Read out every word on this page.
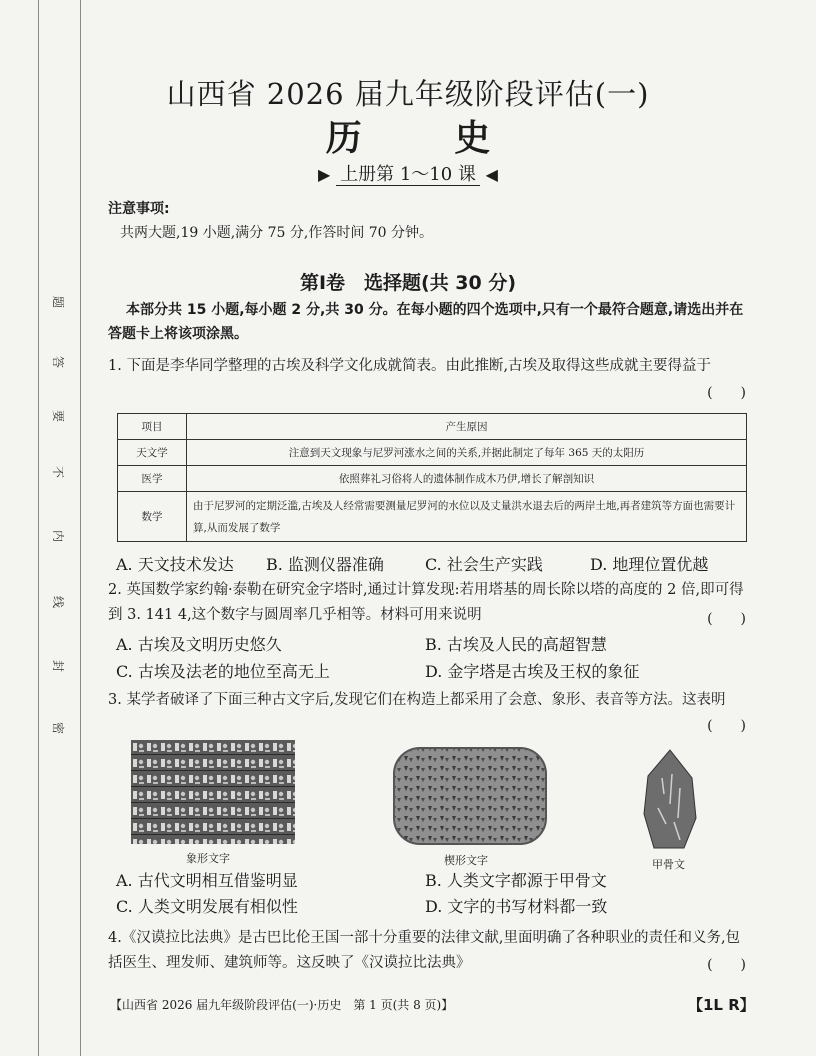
题
答
要
不
内
线
封
密
山西省 2026 届九年级阶段评估(一)
历 史
▶ 上册第 1～10 课 ◀
注意事项:
共两大题,19 小题,满分 75 分,作答时间 70 分钟。
第Ⅰ卷　选择题(共 30 分)
本部分共 15 小题,每小题 2 分,共 30 分。在每小题的四个选项中,只有一个最符合题意,请选出并在答题卡上将该项涂黑。
1. 下面是李华同学整理的古埃及科学文化成就简表。由此推断,古埃及取得这些成就主要得益于
(　　)
项目	产生原因
天文学	注意到天文现象与尼罗河涨水之间的关系,并据此制定了每年 365 天的太阳历
医学	依照葬礼习俗将人的遗体制作成木乃伊,增长了解剖知识
数学	由于尼罗河的定期泛滥,古埃及人经常需要测量尼罗河的水位以及丈量洪水退去后的两岸土地,再者建筑等方面也需要计算,从而发展了数学
A. 天文技术发达 B. 监测仪器准确	C. 社会生产实践	D. 地理位置优越
2. 英国数学家约翰·泰勒在研究金字塔时,通过计算发现:若用塔基的周长除以塔的高度的 2 倍,即可得到 3. 141 4,这个数字与圆周率几乎相等。材料可用来说明	(　　)
A. 古埃及文明历史悠久	B. 古埃及人民的高超智慧
C. 古埃及法老的地位至高无上	D. 金字塔是古埃及王权的象征
3. 某学者破译了下面三种古文字后,发现它们在构造上都采用了会意、象形、表音等方法。这表明
(　　)
象形文字	楔形文字	甲骨文
A. 古代文明相互借鉴明显	B. 人类文字都源于甲骨文
C. 人类文明发展有相似性	D. 文字的书写材料都一致
4.《汉谟拉比法典》是古巴比伦王国一部十分重要的法律文献,里面明确了各种职业的责任和义务,包括医生、理发师、建筑师等。这反映了《汉谟拉比法典》	(　　)
【山西省 2026 届九年级阶段评估(一)·历史　第 1 页(共 8 页)】	【1L R】
